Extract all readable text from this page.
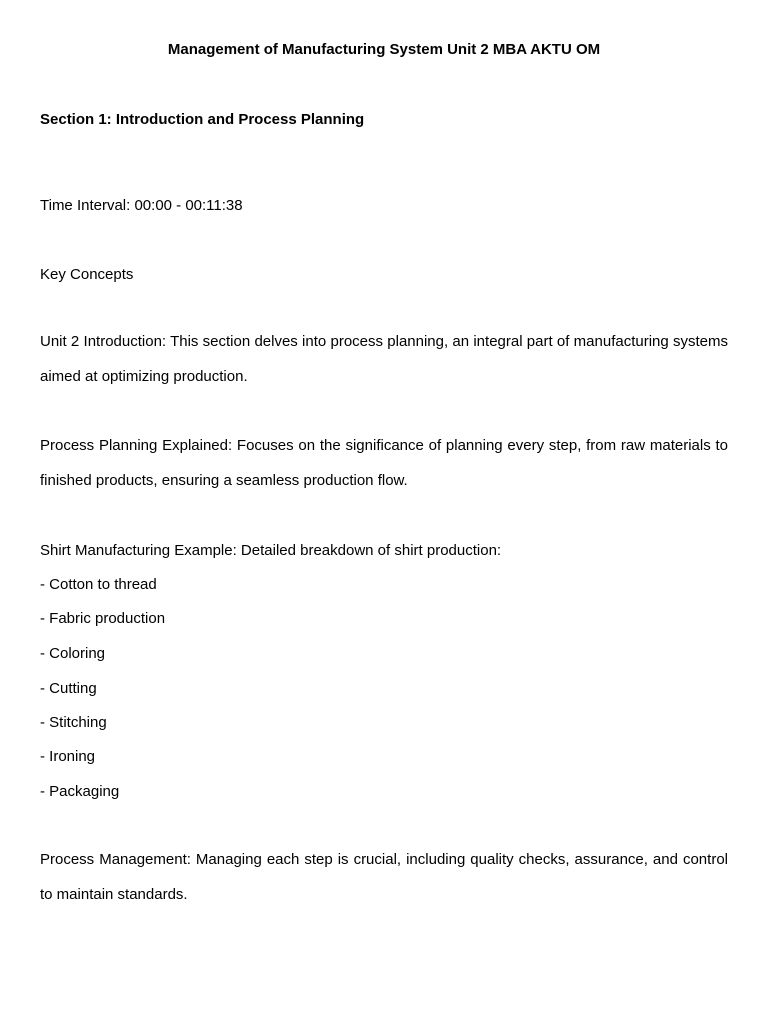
Management of Manufacturing System Unit 2 MBA AKTU OM
Section 1: Introduction and Process Planning
Time Interval: 00:00 - 00:11:38
Key Concepts
Unit 2 Introduction: This section delves into process planning, an integral part of manufacturing systems aimed at optimizing production.
Process Planning Explained: Focuses on the significance of planning every step, from raw materials to finished products, ensuring a seamless production flow.
Shirt Manufacturing Example: Detailed breakdown of shirt production:
- Cotton to thread
- Fabric production
- Coloring
- Cutting
- Stitching
- Ironing
- Packaging
Process Management: Managing each step is crucial, including quality checks, assurance, and control to maintain standards.
